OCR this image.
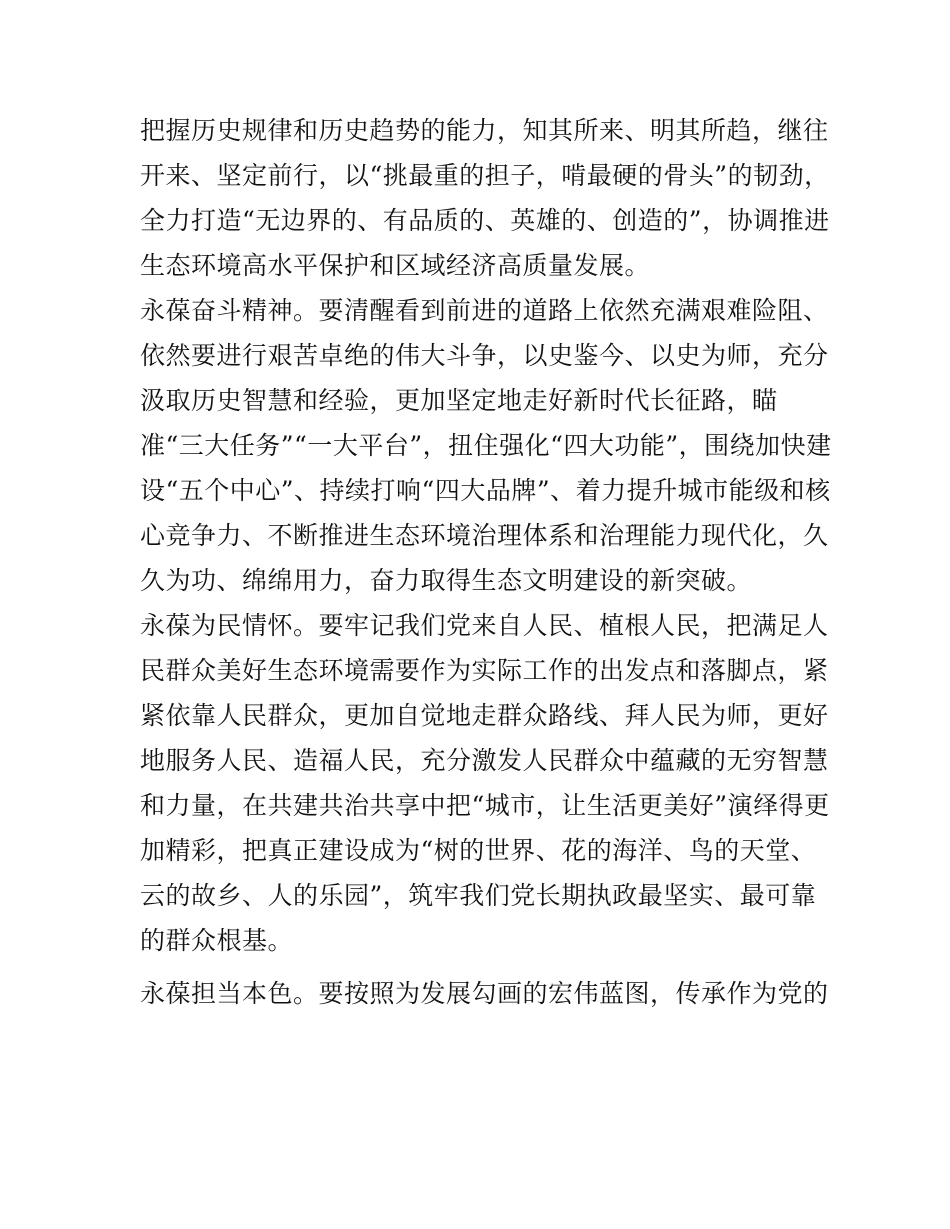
把握历史规律和历史趋势的能力，知其所来、明其所趋，继往
开来、坚定前行，以“挑最重的担子，啃最硬的骨头”的韧劲，
全力打造“无边界的、有品质的、英雄的、创造的”，协调推进
生态环境高水平保护和区域经济高质量发展。
永葆奋斗精神。要清醒看到前进的道路上依然充满艰难险阻、
依然要进行艰苦卓绝的伟大斗争，以史鉴今、以史为师，充分
汲取历史智慧和经验，更加坚定地走好新时代长征路，瞄
准“三大任务”“一大平台”，扭住强化“四大功能”，围绕加快建
设“五个中心”、持续打响“四大品牌”、着力提升城市能级和核
心竞争力、不断推进生态环境治理体系和治理能力现代化，久
久为功、绵绵用力，奋力取得生态文明建设的新突破。
永葆为民情怀。要牢记我们党来自人民、植根人民，把满足人
民群众美好生态环境需要作为实际工作的出发点和落脚点，紧
紧依靠人民群众，更加自觉地走群众路线、拜人民为师，更好
地服务人民、造福人民，充分激发人民群众中蕴藏的无穷智慧
和力量，在共建共治共享中把“城市，让生活更美好”演绎得更
加精彩，把真正建设成为“树的世界、花的海洋、鸟的天堂、
云的故乡、人的乐园”，筑牢我们党长期执政最坚实、最可靠
的群众根基。
永葆担当本色。要按照为发展勾画的宏伟蓝图，传承作为党的
